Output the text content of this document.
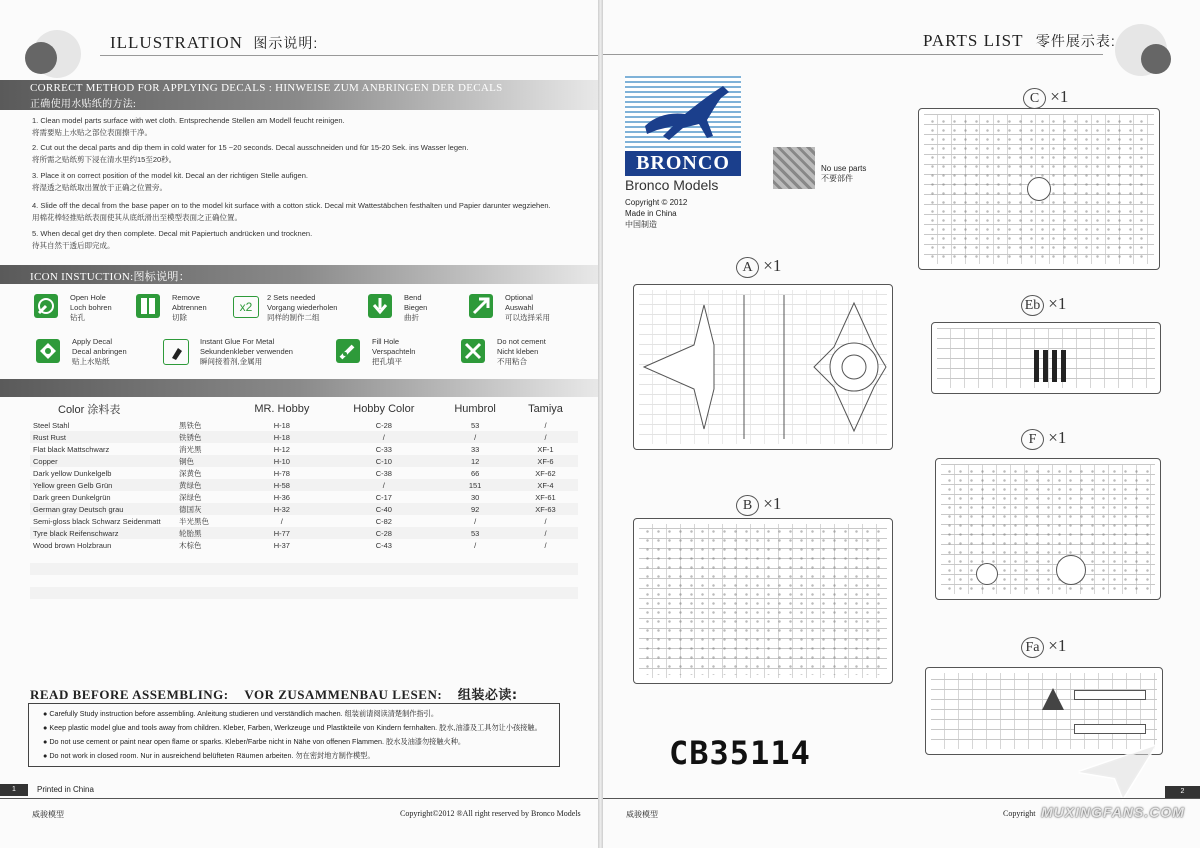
ILLUSTRATION 图示说明:
CORRECT METHOD FOR APPLYING DECALS : HINWEISE ZUM ANBRINGEN DER DECALS
正确使用水贴纸的方法:
1. Clean model parts surface with wet cloth. Entsprechende Stellen am Modell feucht reinigen.
将需要贴上水贴之部位表面擦干净。
2. Cut out the decal parts and dip them in cold water for 15 ~20 seconds. Decal ausschneiden und für 15-20 Sek. ins Wasser legen.
将所需之贴纸剪下浸在清水里约15至20秒。
3. Place it on correct position of the model kit. Decal an der richtigen Stelle aufigen.
将湿透之贴纸取出置放于正确之位置旁。
4. Slide off the decal from the base paper on to the model kit surface with a cotton stick. Decal mit Wattestäbchen festhalten und Papier darunter wegziehen.
用棉花棒轻推贴纸表面使其从底纸滑出至模型表面之正确位置。
5. When decal get dry then complete. Decal mit Papiertuch andrücken und trocknen.
待其自然干透后即完成。
ICON INSTUCTION:图标说明：
Open Hole
Loch bohren
钻孔
Remove
Abtrennen
切除
x2
2 Sets needed
Vorgang wiederholen
同样的制作二组
Bend
Biegen
曲折
Optional
Auswahl
可以选择采用
Apply Decal
Decal anbringen
贴上水贴纸
Instant Glue For Metal
Sekundenkleber verwenden
瞬间接着剂,金属用
Fill Hole
Verspachteln
把孔填平
Do not cement
Nicht kleben
不用粘合
Color 涂料表		MR. Hobby	Hobby Color	Humbrol	Tamiya
Steel Stahl	黑铁色	H-18	C-28	53	/
Rust Rust	铁锈色	H-18	/	/	/
Flat black Mattschwarz	消光黑	H-12	C-33	33	XF-1
Copper	铜色	H-10	C-10	12	XF-6
Dark yellow Dunkelgelb	深黄色	H-78	C-38	66	XF-62
Yellow green Gelb Grün	黄绿色	H-58	/	151	XF-4
Dark green Dunkelgrün	深绿色	H-36	C-17	30	XF-61
German gray Deutsch grau	德国灰	H-32	C-40	92	XF-63
Semi-gloss black Schwarz Seidenmatt	半光黑色	/	C-82	/	/
Tyre black Reifenschwarz	轮胎黑	H-77	C-28	53	/
Wood brown Holzbraun	木棕色	H-37	C-43	/	/

READ BEFORE ASSEMBLING: VOR ZUSAMMENBAU LESEN: 组装必读:
● Carefully Study instruction before assembling. Anleitung studieren und verständlich machen. 组装前请阅读清楚制作指引。
● Keep plastic model glue and tools away from children. Kleber, Farben, Werkzeuge und Plastikteile von Kindern fernhalten. 胶水,油漆及工具勿让小孩接触。
● Do not use cement or paint near open flame or sparks. Kleber/Farbe nicht in Nähe von offenen Flammen. 胶水及油漆勿接触火种。
● Do not work in closed room. Nur in ausreichend belüfteten Räumen arbeiten. 勿在密封地方制作模型。
1	Printed in China
威骏模型	Copyright©2012 ®All right reserved by Bronco Models
PARTS LIST 零件展示表:
BRONCO
Bronco Models
Copyright © 2012
Made in China
中国制造
No use parts
不要部件
C ×1
A ×1
Eb ×1
F ×1
B ×1
Fa ×1
CB35114
MUXINGFANS.COM
2
威骏模型	Copyright
